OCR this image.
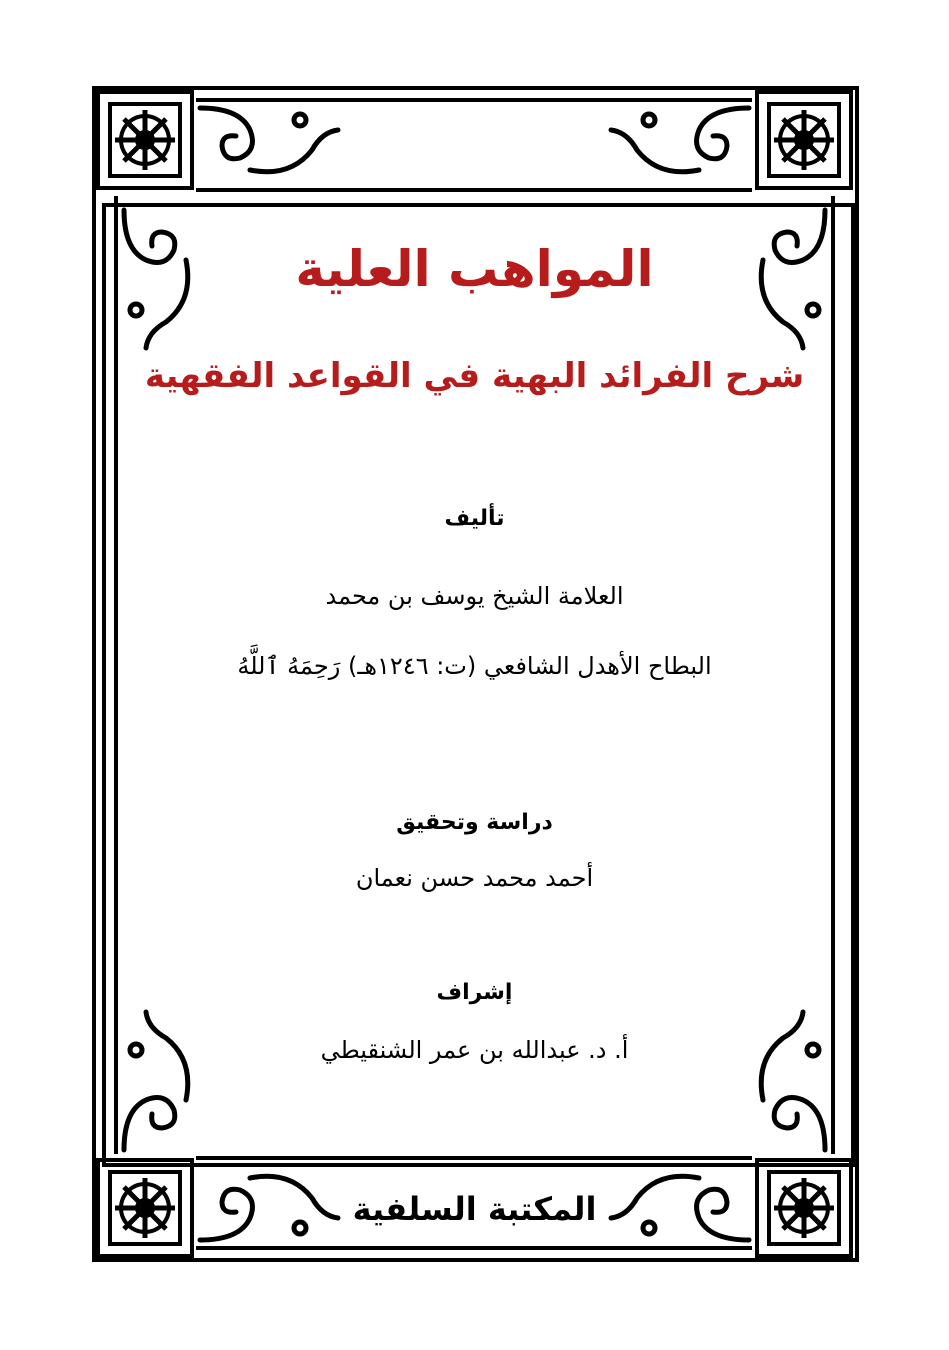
المواهب العلية
شرح الفرائد البهية في القواعد الفقهية
تأليف
العلامة الشيخ يوسف بن محمد
البطاح الأهدل الشافعي (ت: ١٢٤٦هـ) رَحِمَهُ ٱللَّهُ
دراسة وتحقيق
أحمد محمد حسن نعمان
إشراف
أ. د. عبدالله بن عمر الشنقيطي
المكتبة السلفية
